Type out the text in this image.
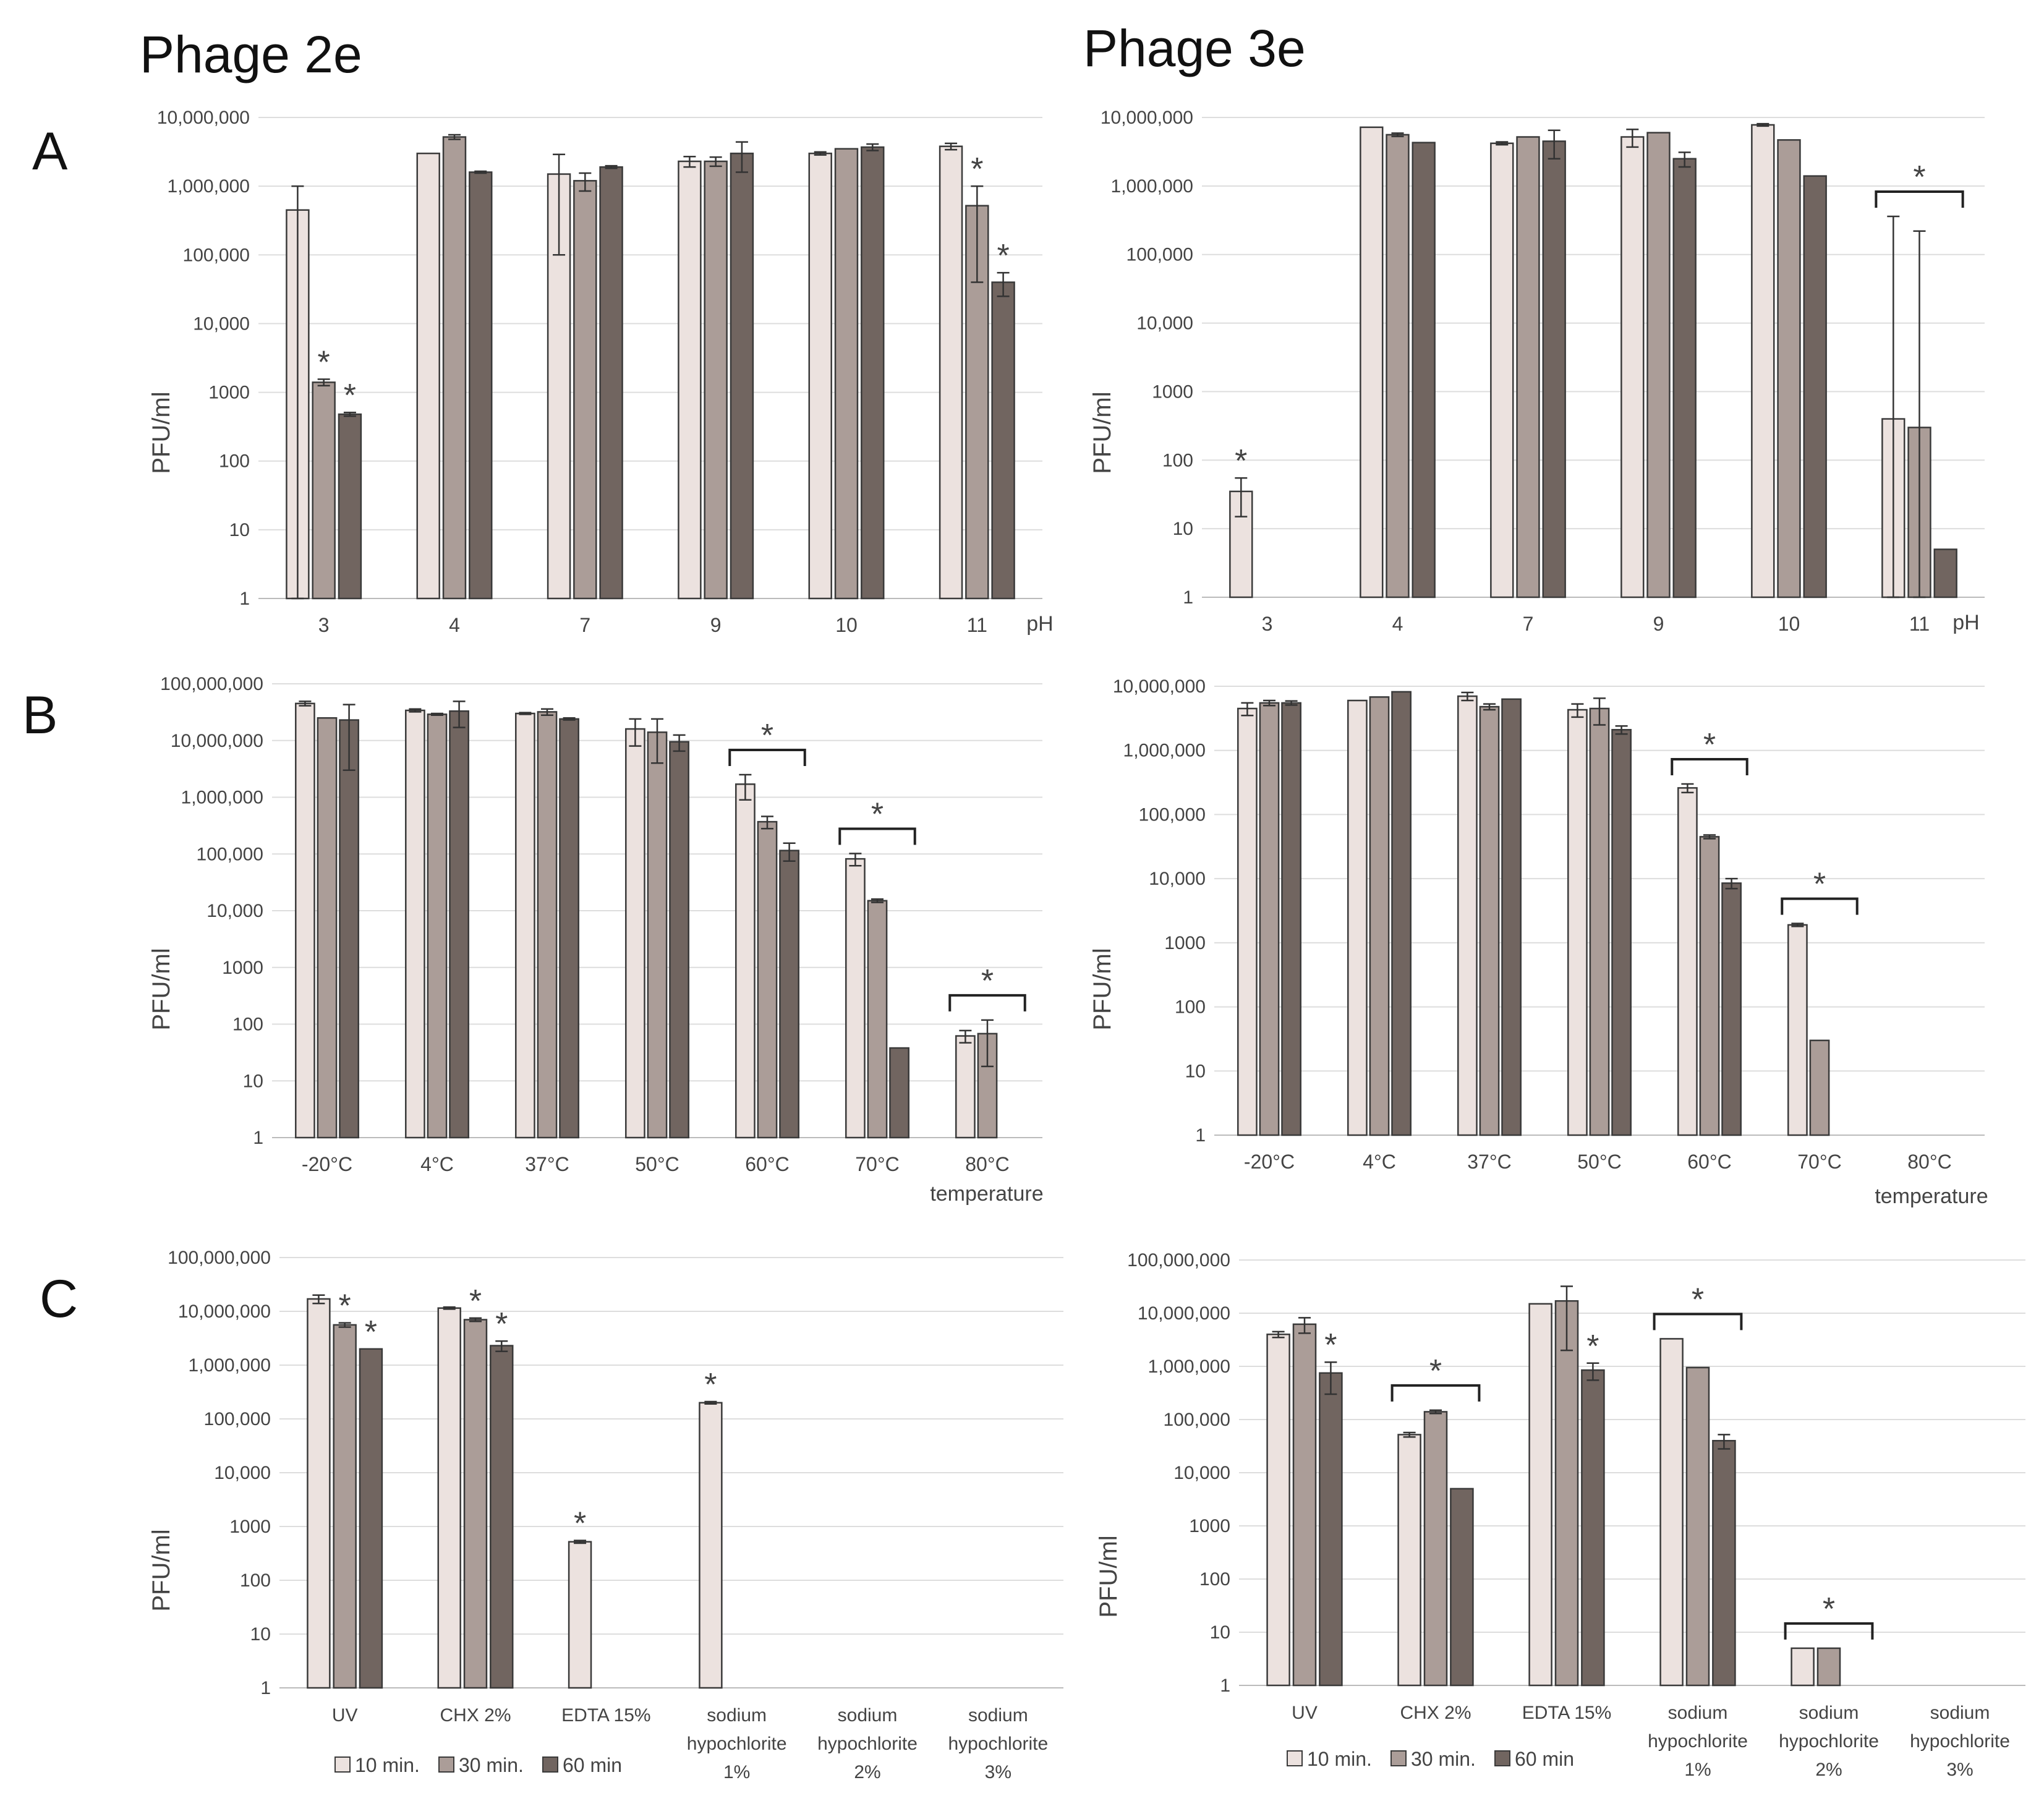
Phage 2e	Phage 3e
A
B
C
1
10
100
1000
10,000
100,000
1,000,000
10,000,000
PFU/ml
3	4	7	9	10	11 pH
*
*
*
*
1
10
100
1000
10,000
100,000
1,000,000
10,000,000
PFU/ml
3	4	7	9	10	11 pH
*
*
1
10
100
1000
10,000
100,000
1,000,000
10,000,000
100,000,000
PFU/ml
-20°C	4°C	37°C	50°C	60°C	70°C	80°C
temperature
*
*
*
1
10
100
1000
10,000
100,000
1,000,000
10,000,000
PFU/ml
-20°C	4°C	37°C	50°C	60°C	70°C	80°C
temperature
*
*
1
10
100
1000
10,000
100,000
1,000,000
10,000,000
100,000,000
PFU/ml
UV	CHX 2%	EDTA 15%	sodium
hypochlorite
1%
sodium
hypochlorite
2%
sodium
hypochlorite
3%
*
*
*
*
*
*
1
10
100
1000
10,000
100,000
1,000,000
10,000,000
100,000,000
PFU/ml
UV	CHX 2%	EDTA 15%	sodium
hypochlorite
1%
sodium
hypochlorite
2%
sodium
hypochlorite
3%
*
*
*
*
*
10 min. 30 min. 60 min	10 min. 30 min. 60 min
